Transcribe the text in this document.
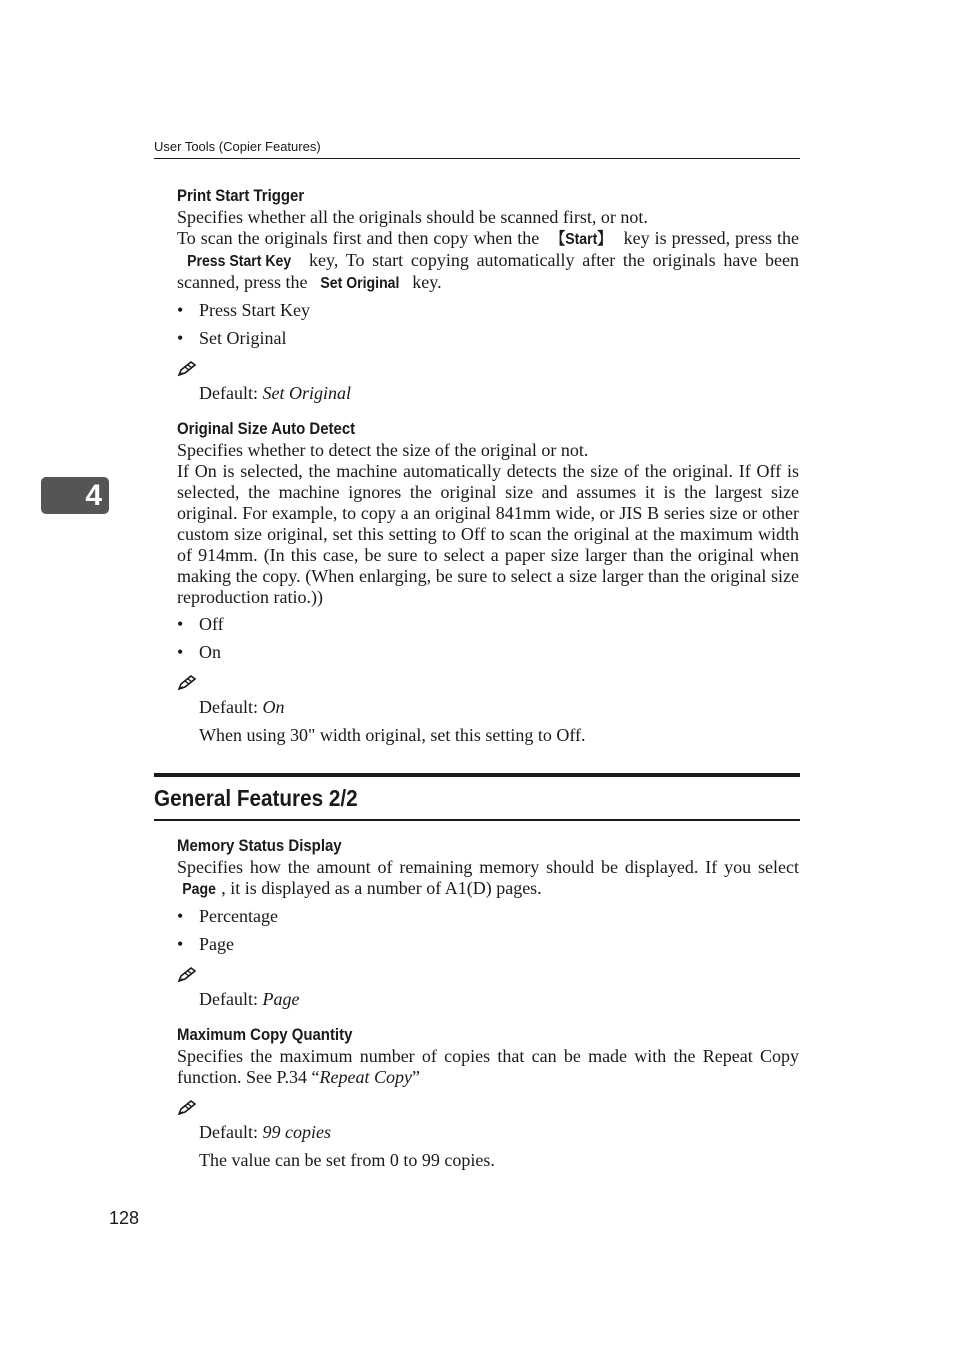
User Tools (Copier Features)
4
Print Start Trigger

Specifies whether all the originals should be scanned first, or not.

To scan the originals first and then copy when the 【Start】 key is pressed, press the Press Start Key key, To start copying automatically after the originals have been scanned, press the Set Original key.

• Press Start Key
• Set Original
Default: Set Original
Original Size Auto Detect

Specifies whether to detect the size of the original or not.

If On is selected, the machine automatically detects the size of the original. If Off is selected, the machine ignores the original size and assumes it is the largest size original. For example, to copy a an original 841mm wide, or JIS B series size or other custom size original, set this setting to Off to scan the original at the maximum width of 914mm. (In this case, be sure to select a paper size larger than the original when making the copy. (When enlarging, be sure to select a size larger than the original size reproduction ratio.))

• Off
• On
Default: On
When using 30" width original, set this setting to Off.
General Features 2/2
Memory Status Display

Specifies how the amount of remaining memory should be displayed. If you select Page , it is displayed as a number of A1(D) pages.

• Percentage
• Page
Default: Page
Maximum Copy Quantity

Specifies the maximum number of copies that can be made with the Repeat Copy function. See P.34 “Repeat Copy”

Default: 99 copies
The value can be set from 0 to 99 copies.
128
